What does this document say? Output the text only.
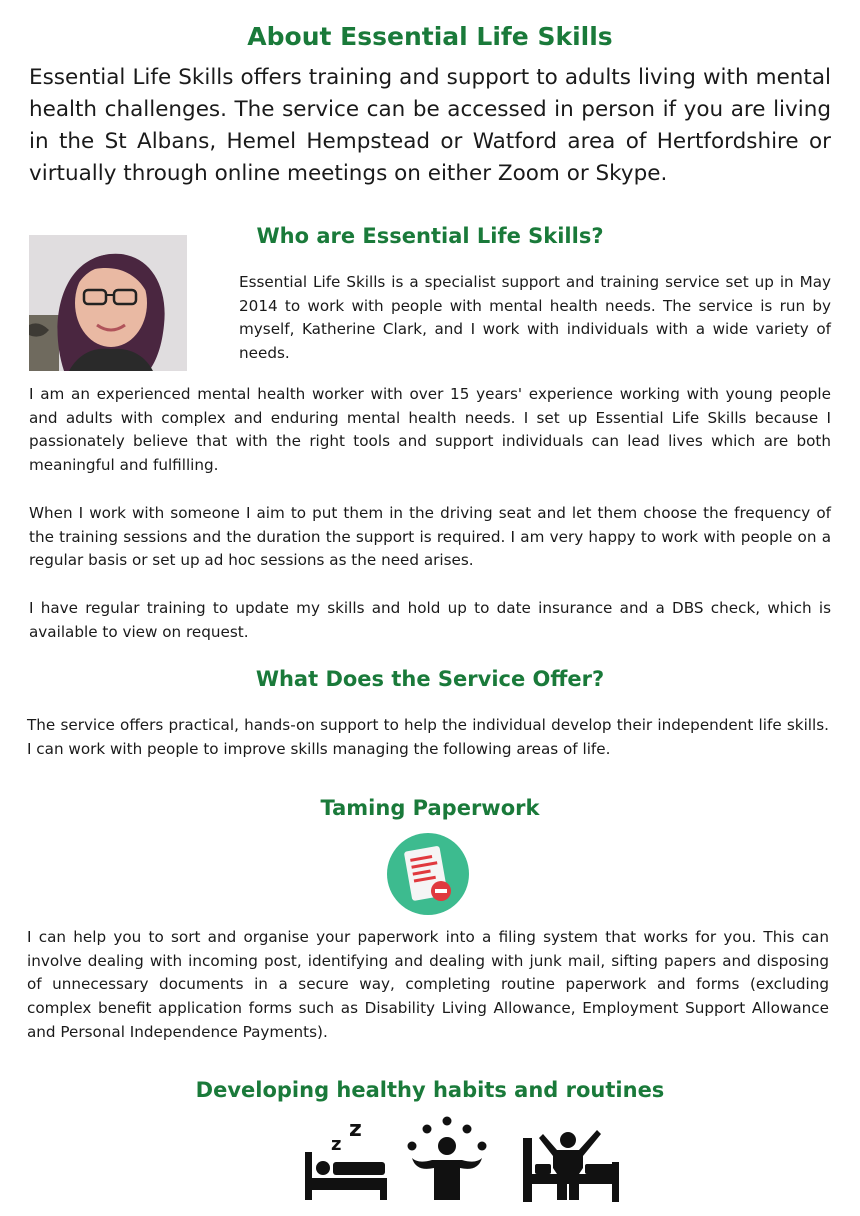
About Essential Life Skills

Essential Life Skills offers training and support to adults living with mental health challenges. The service can be accessed in person if you are living in the St Albans, Hemel Hempstead or Watford area of Hertfordshire or virtually through online meetings on either Zoom or Skype.

Who are Essential Life Skills?

Essential Life Skills is a specialist support and training service set up in May 2014 to work with people with mental health needs. The service is run by myself, Katherine Clark, and I work with individuals with a wide variety of needs.

I am an experienced mental health worker with over 15 years' experience working with young people and adults with complex and enduring mental health needs. I set up Essential Life Skills because I passionately believe that with the right tools and support individuals can lead lives which are both meaningful and fulfilling.

When I work with someone I aim to put them in the driving seat and let them choose the frequency of the training sessions and the duration the support is required. I am very happy to work with people on a regular basis or set up ad hoc sessions as the need arises.

I have regular training to update my skills and hold up to date insurance and a DBS check, which is available to view on request.

What Does the Service Offer?

The service offers practical, hands-on support to help the individual develop their independent life skills. I can work with people to improve skills managing the following areas of life.

Taming Paperwork

I can help you to sort and organise your paperwork into a filing system that works for you. This can involve dealing with incoming post, identifying and dealing with junk mail, sifting papers and disposing of unnecessary documents in a secure way, completing routine paperwork and forms (excluding complex benefit application forms such as Disability Living Allowance, Employment Support Allowance and Personal Independence Payments).

Developing healthy habits and routines
z
z
